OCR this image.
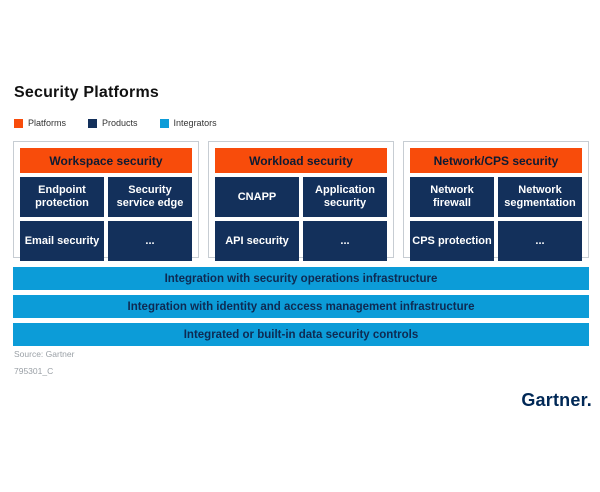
Security Platforms
Platforms	Products	Integrators
Workspace security
Endpoint protection
Security service edge
Email security	...
Workload security
CNAPP
Application security
API security	...
Network/CPS security
Network firewall
Network segmentation
CPS protection	...
Integration with security operations infrastructure
Integration with identity and access management infrastructure
Integrated or built-in data security controls
Source: Gartner
795301_C
Gartner.
